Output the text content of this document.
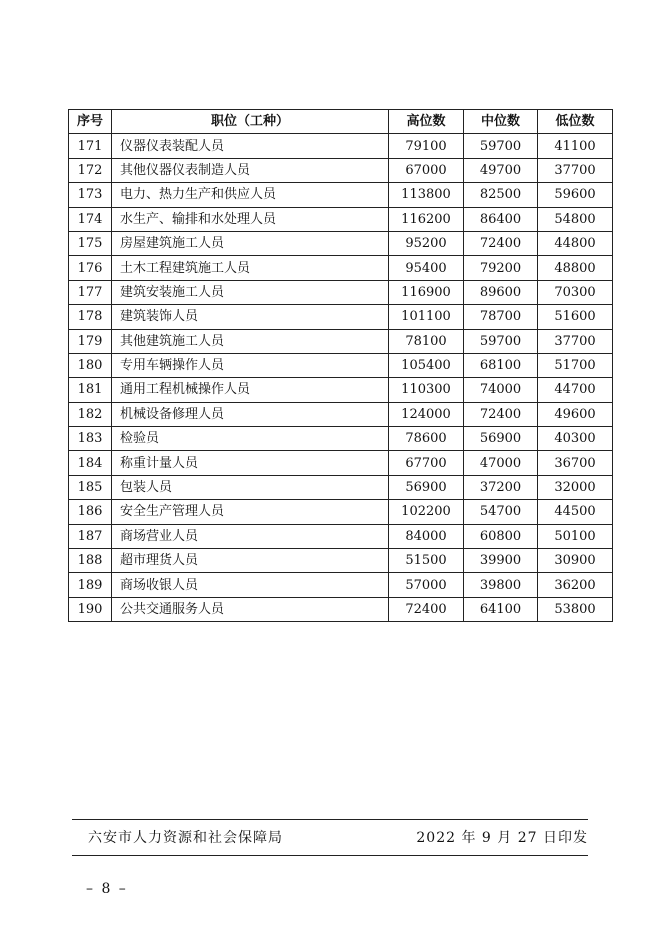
序号	职位（工种）	高位数	中位数	低位数
171	仪器仪表装配人员	79100	59700	41100
172	其他仪器仪表制造人员	67000	49700	37700
173	电力、热力生产和供应人员	113800	82500	59600
174	水生产、输排和水处理人员	116200	86400	54800
175	房屋建筑施工人员	95200	72400	44800
176	土木工程建筑施工人员	95400	79200	48800
177	建筑安装施工人员	116900	89600	70300
178	建筑装饰人员	101100	78700	51600
179	其他建筑施工人员	78100	59700	37700
180	专用车辆操作人员	105400	68100	51700
181	通用工程机械操作人员	110300	74000	44700
182	机械设备修理人员	124000	72400	49600
183	检验员	78600	56900	40300
184	称重计量人员	67700	47000	36700
185	包装人员	56900	37200	32000
186	安全生产管理人员	102200	54700	44500
187	商场营业人员	84000	60800	50100
188	超市理货人员	51500	39900	30900
189	商场收银人员	57000	39800	36200
190	公共交通服务人员	72400	64100	53800
六安市人力资源和社会保障局	2022 年 9 月 27 日印发
– 8 –
